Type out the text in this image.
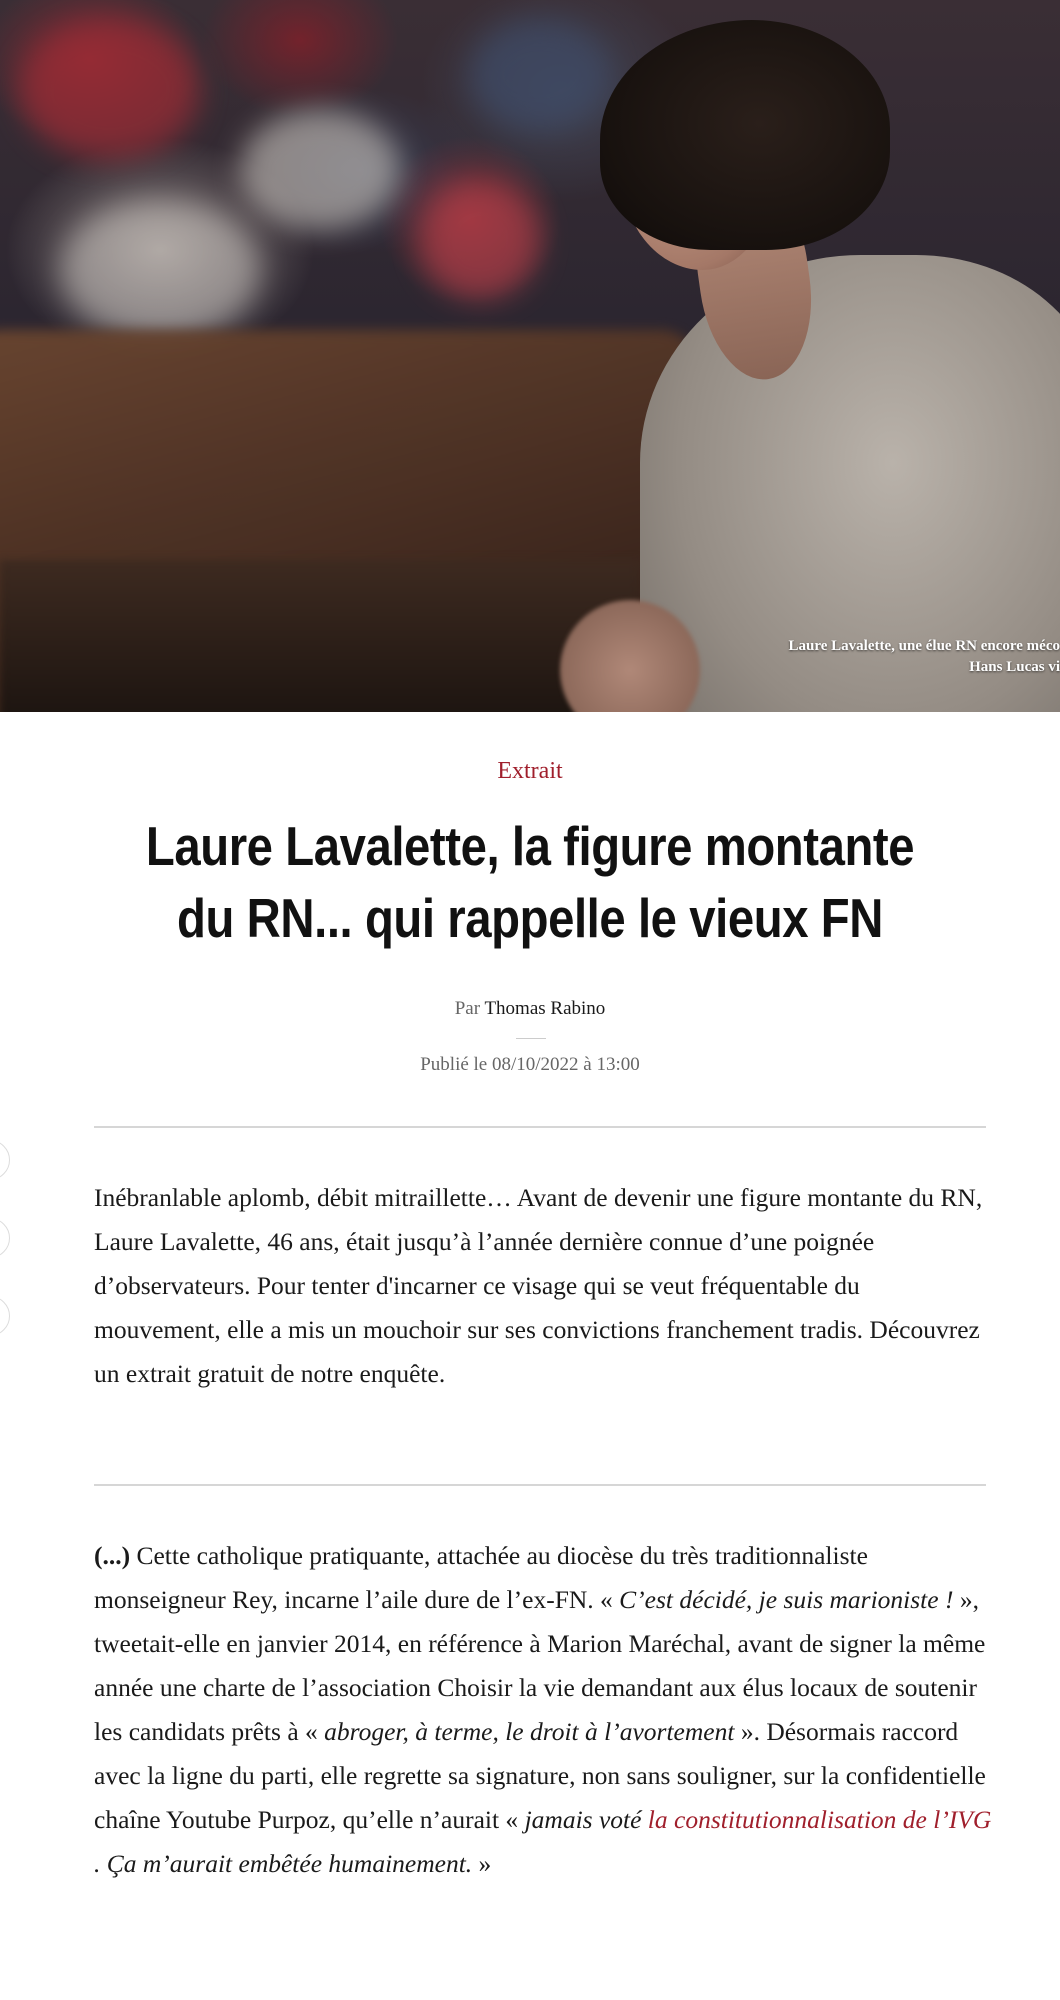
Laure Lavalette, une élue RN encore méco
Hans Lucas vi
Extrait
Laure Lavalette, la figure montante du RN... qui rappelle le vieux FN
Par Thomas Rabino
Publié le 08/10/2022 à 13:00

Inébranlable aplomb, débit mitraillette… Avant de devenir une figure montante du RN, Laure Lavalette, 46 ans, était jusqu’à l’année dernière connue d’une poignée d’observateurs. Pour tenter d'incarner ce visage qui se veut fréquentable du mouvement, elle a mis un mouchoir sur ses convictions franchement tradis. Découvrez un extrait gratuit de notre enquête.

(...) Cette catholique pratiquante, attachée au diocèse du très traditionnaliste monseigneur Rey, incarne l’aile dure de l’ex-FN. « C’est décidé, je suis marioniste ! », tweetait-elle en janvier 2014, en référence à Marion Maréchal, avant de signer la même année une charte de l’association Choisir la vie demandant aux élus locaux de soutenir les candidats prêts à « abroger, à terme, le droit à l’avortement ». Désormais raccord avec la ligne du parti, elle regrette sa signature, non sans souligner, sur la confidentielle chaîne Youtube Purpoz, qu’elle n’aurait « jamais voté la constitutionnalisation de l’IVG . Ça m’aurait embêtée humainement. »
